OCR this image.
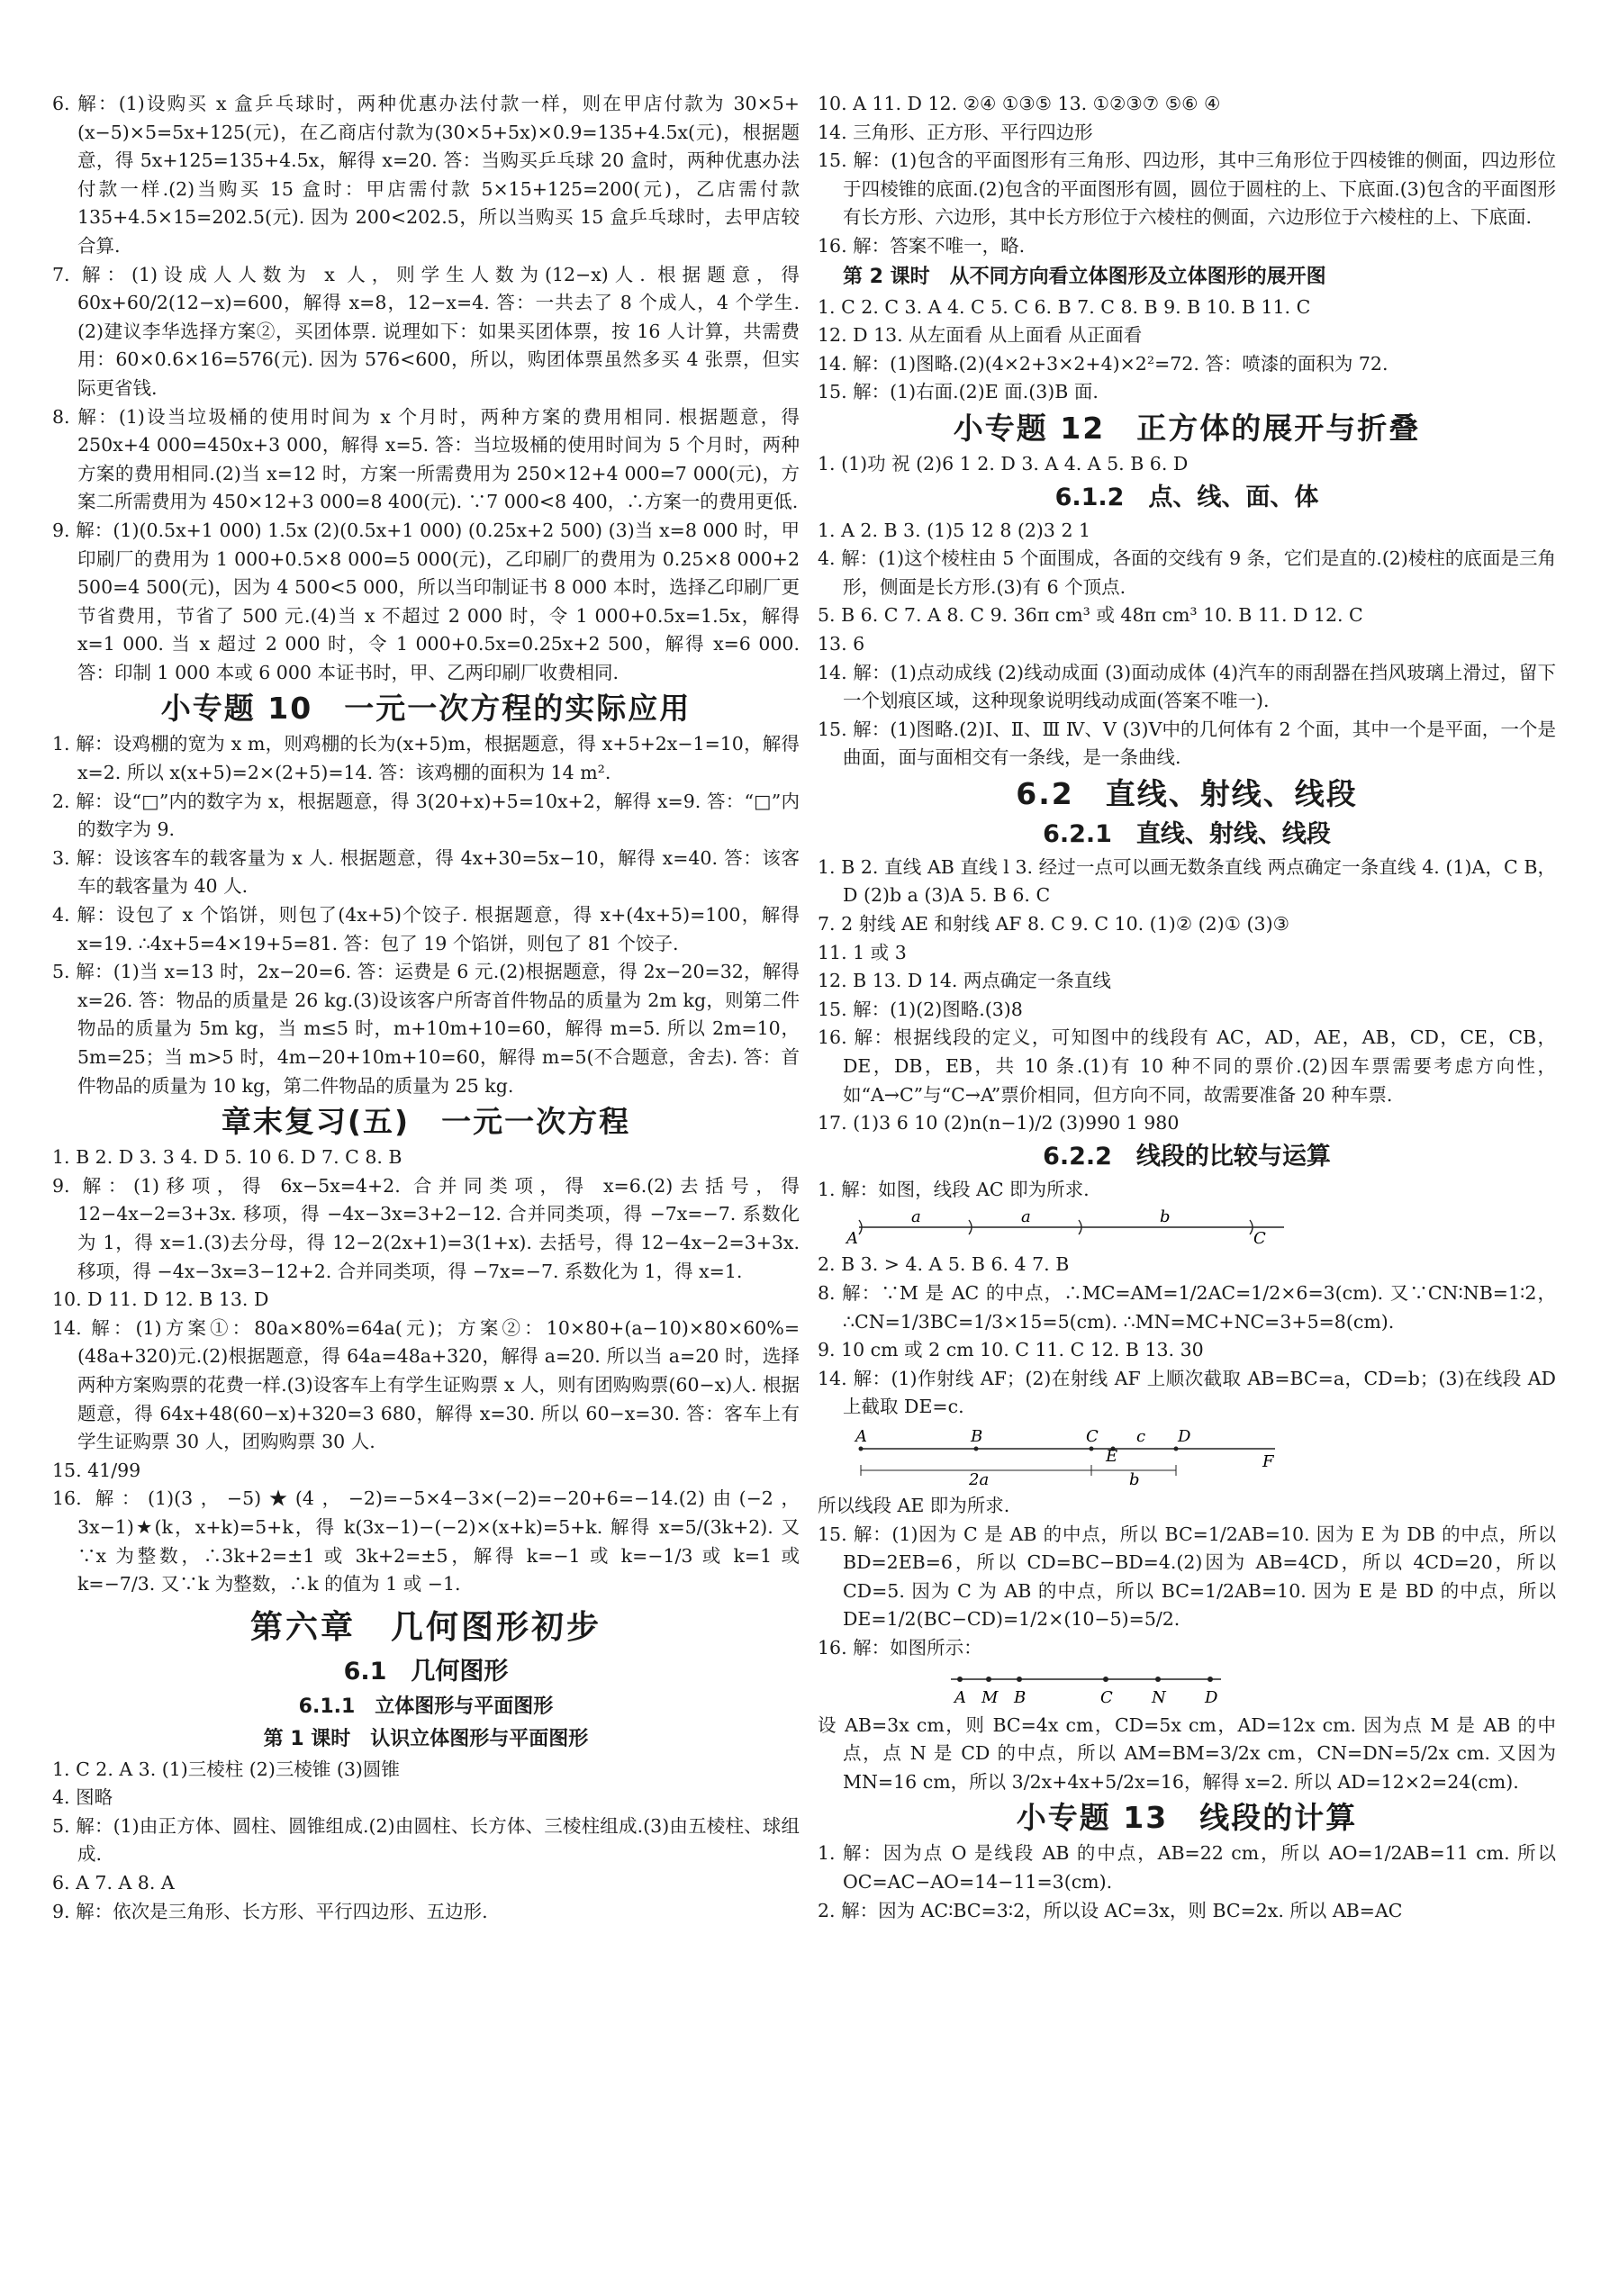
6. 解：(1)设购买 x 盒乒乓球时，两种优惠办法付款一样，则在甲店付款为 30×5+(x−5)×5=5x+125(元)，在乙商店付款为(30×5+5x)×0.9=135+4.5x(元)，根据题意，得 5x+125=135+4.5x，解得 x=20. 答：当购买乒乓球 20 盒时，两种优惠办法付款一样.(2)当购买 15 盒时：甲店需付款 5×15+125=200(元)，乙店需付款 135+4.5×15=202.5(元). 因为 200<202.5，所以当购买 15 盒乒乓球时，去甲店较合算.

7. 解：(1)设成人人数为 x 人，则学生人数为(12−x)人. 根据题意，得 60x+60/2(12−x)=600，解得 x=8，12−x=4. 答：一共去了 8 个成人，4 个学生.(2)建议李华选择方案②，买团体票. 说理如下：如果买团体票，按 16 人计算，共需费用：60×0.6×16=576(元). 因为 576<600，所以，购团体票虽然多买 4 张票，但实际更省钱.

8. 解：(1)设当垃圾桶的使用时间为 x 个月时，两种方案的费用相同. 根据题意，得 250x+4 000=450x+3 000，解得 x=5. 答：当垃圾桶的使用时间为 5 个月时，两种方案的费用相同.(2)当 x=12 时，方案一所需费用为 250×12+4 000=7 000(元)，方案二所需费用为 450×12+3 000=8 400(元). ∵7 000<8 400，∴方案一的费用更低.

9. 解：(1)(0.5x+1 000) 1.5x (2)(0.5x+1 000) (0.25x+2 500) (3)当 x=8 000 时，甲印刷厂的费用为 1 000+0.5×8 000=5 000(元)，乙印刷厂的费用为 0.25×8 000+2 500=4 500(元)，因为 4 500<5 000，所以当印制证书 8 000 本时，选择乙印刷厂更节省费用，节省了 500 元.(4)当 x 不超过 2 000 时，令 1 000+0.5x=1.5x，解得 x=1 000. 当 x 超过 2 000 时，令 1 000+0.5x=0.25x+2 500，解得 x=6 000. 答：印制 1 000 本或 6 000 本证书时，甲、乙两印刷厂收费相同.

小专题 10　一元一次方程的实际应用

1. 解：设鸡棚的宽为 x m，则鸡棚的长为(x+5)m，根据题意，得 x+5+2x−1=10，解得 x=2. 所以 x(x+5)=2×(2+5)=14. 答：该鸡棚的面积为 14 m².

2. 解：设“□”内的数字为 x，根据题意，得 3(20+x)+5=10x+2，解得 x=9. 答：“□”内的数字为 9.

3. 解：设该客车的载客量为 x 人. 根据题意，得 4x+30=5x−10，解得 x=40. 答：该客车的载客量为 40 人.

4. 解：设包了 x 个馅饼，则包了(4x+5)个饺子. 根据题意，得 x+(4x+5)=100，解得 x=19. ∴4x+5=4×19+5=81. 答：包了 19 个馅饼，则包了 81 个饺子.

5. 解：(1)当 x=13 时，2x−20=6. 答：运费是 6 元.(2)根据题意，得 2x−20=32，解得 x=26. 答：物品的质量是 26 kg.(3)设该客户所寄首件物品的质量为 2m kg，则第二件物品的质量为 5m kg，当 m≤5 时，m+10m+10=60，解得 m=5. 所以 2m=10，5m=25；当 m>5 时，4m−20+10m+10=60，解得 m=5(不合题意，舍去). 答：首件物品的质量为 10 kg，第二件物品的质量为 25 kg.

章末复习(五)　一元一次方程

1. B 2. D 3. 3 4. D 5. 10 6. D 7. C 8. B

9. 解：(1)移项，得 6x−5x=4+2. 合并同类项，得 x=6.(2)去括号，得 12−4x−2=3+3x. 移项，得 −4x−3x=3+2−12. 合并同类项，得 −7x=−7. 系数化为 1，得 x=1.(3)去分母，得 12−2(2x+1)=3(1+x). 去括号，得 12−4x−2=3+3x. 移项，得 −4x−3x=3−12+2. 合并同类项，得 −7x=−7. 系数化为 1，得 x=1.

10. D 11. D 12. B 13. D

14. 解：(1)方案①：80a×80%=64a(元)；方案②：10×80+(a−10)×80×60%=(48a+320)元.(2)根据题意，得 64a=48a+320，解得 a=20. 所以当 a=20 时，选择两种方案购票的花费一样.(3)设客车上有学生证购票 x 人，则有团购购票(60−x)人. 根据题意，得 64x+48(60−x)+320=3 680，解得 x=30. 所以 60−x=30. 答：客车上有学生证购票 30 人，团购购票 30 人.

15. 41/99

16. 解：(1)(3，−5)★(4，−2)=−5×4−3×(−2)=−20+6=−14.(2)由(−2，3x−1)★(k，x+k)=5+k，得 k(3x−1)−(−2)×(x+k)=5+k. 解得 x=5/(3k+2). 又∵x 为整数，∴3k+2=±1 或 3k+2=±5，解得 k=−1 或 k=−1/3 或 k=1 或 k=−7/3. 又∵k 为整数，∴k 的值为 1 或 −1.

第六章　几何图形初步
6.1　几何图形
6.1.1　立体图形与平面图形
第 1 课时　认识立体图形与平面图形

1. C 2. A 3. (1)三棱柱 (2)三棱锥 (3)圆锥

4. 图略

5. 解：(1)由正方体、圆柱、圆锥组成.(2)由圆柱、长方体、三棱柱组成.(3)由五棱柱、球组成.

6. A 7. A 8. A

9. 解：依次是三角形、长方形、平行四边形、五边形.

10. A 11. D 12. ②④ ①③⑤ 13. ①②③⑦ ⑤⑥ ④

14. 三角形、正方形、平行四边形

15. 解：(1)包含的平面图形有三角形、四边形，其中三角形位于四棱锥的侧面，四边形位于四棱锥的底面.(2)包含的平面图形有圆，圆位于圆柱的上、下底面.(3)包含的平面图形有长方形、六边形，其中长方形位于六棱柱的侧面，六边形位于六棱柱的上、下底面.

16. 解：答案不唯一，略.

第 2 课时　从不同方向看立体图形及立体图形的展开图

1. C 2. C 3. A 4. C 5. C 6. B 7. C 8. B 9. B 10. B 11. C

12. D 13. 从左面看 从上面看 从正面看

14. 解：(1)图略.(2)(4×2+3×2+4)×2²=72. 答：喷漆的面积为 72.

15. 解：(1)右面.(2)E 面.(3)B 面.

小专题 12　正方体的展开与折叠

1. (1)功 祝 (2)6 1 2. D 3. A 4. A 5. B 6. D

6.1.2　点、线、面、体

1. A 2. B 3. (1)5 12 8 (2)3 2 1

4. 解：(1)这个棱柱由 5 个面围成，各面的交线有 9 条，它们是直的.(2)棱柱的底面是三角形，侧面是长方形.(3)有 6 个顶点.

5. B 6. C 7. A 8. C 9. 36π cm³ 或 48π cm³ 10. B 11. D 12. C

13. 6

14. 解：(1)点动成线 (2)线动成面 (3)面动成体 (4)汽车的雨刮器在挡风玻璃上滑过，留下一个划痕区域，这种现象说明线动成面(答案不唯一).

15. 解：(1)图略.(2)Ⅰ、Ⅱ、Ⅲ Ⅳ、Ⅴ (3)Ⅴ中的几何体有 2 个面，其中一个是平面，一个是曲面，面与面相交有一条线，是一条曲线.

6.2　直线、射线、线段
6.2.1　直线、射线、线段

1. B 2. 直线 AB 直线 l 3. 经过一点可以画无数条直线 两点确定一条直线 4. (1)A，C B，D (2)b a (3)A 5. B 6. C

7. 2 射线 AE 和射线 AF 8. C 9. C 10. (1)② (2)① (3)③

11. 1 或 3

12. B 13. D 14. 两点确定一条直线

15. 解：(1)(2)图略.(3)8

16. 解：根据线段的定义，可知图中的线段有 AC，AD，AE，AB，CD，CE，CB，DE，DB，EB，共 10 条.(1)有 10 种不同的票价.(2)因车票需要考虑方向性，如“A→C”与“C→A”票价相同，但方向不同，故需要准备 20 种车票.

17. (1)3 6 10 (2)n(n−1)/2 (3)990 1 980

6.2.2　线段的比较与运算

1. 解：如图，线段 AC 即为所求.

A
a	a	b
C

2. B 3. > 4. A 5. B 6. 4 7. B

8. 解：∵M 是 AC 的中点，∴MC=AM=1/2AC=1/2×6=3(cm). 又∵CN∶NB=1∶2，∴CN=1/3BC=1/3×15=5(cm). ∴MN=MC+NC=3+5=8(cm).

9. 10 cm 或 2 cm 10. C 11. C 12. B 13. 30

14. 解：(1)作射线 AF；(2)在射线 AF 上顺次截取 AB=BC=a，CD=b；(3)在线段 AD 上截取 DE=c.

A	B	C
E
c D
F
2a	b

所以线段 AE 即为所求.

15. 解：(1)因为 C 是 AB 的中点，所以 BC=1/2AB=10. 因为 E 为 DB 的中点，所以 BD=2EB=6，所以 CD=BC−BD=4.(2)因为 AB=4CD，所以 4CD=20，所以 CD=5. 因为 C 为 AB 的中点，所以 BC=1/2AB=10. 因为 E 是 BD 的中点，所以 DE=1/2(BC−CD)=1/2×(10−5)=5/2.

16. 解：如图所示：

A M B	C N D

设 AB=3x cm，则 BC=4x cm，CD=5x cm，AD=12x cm. 因为点 M 是 AB 的中点，点 N 是 CD 的中点，所以 AM=BM=3/2x cm，CN=DN=5/2x cm. 又因为 MN=16 cm，所以 3/2x+4x+5/2x=16，解得 x=2. 所以 AD=12×2=24(cm).

小专题 13　线段的计算

1. 解：因为点 O 是线段 AB 的中点，AB=22 cm，所以 AO=1/2AB=11 cm. 所以 OC=AC−AO=14−11=3(cm).

2. 解：因为 AC∶BC=3∶2，所以设 AC=3x，则 BC=2x. 所以 AB=AC
